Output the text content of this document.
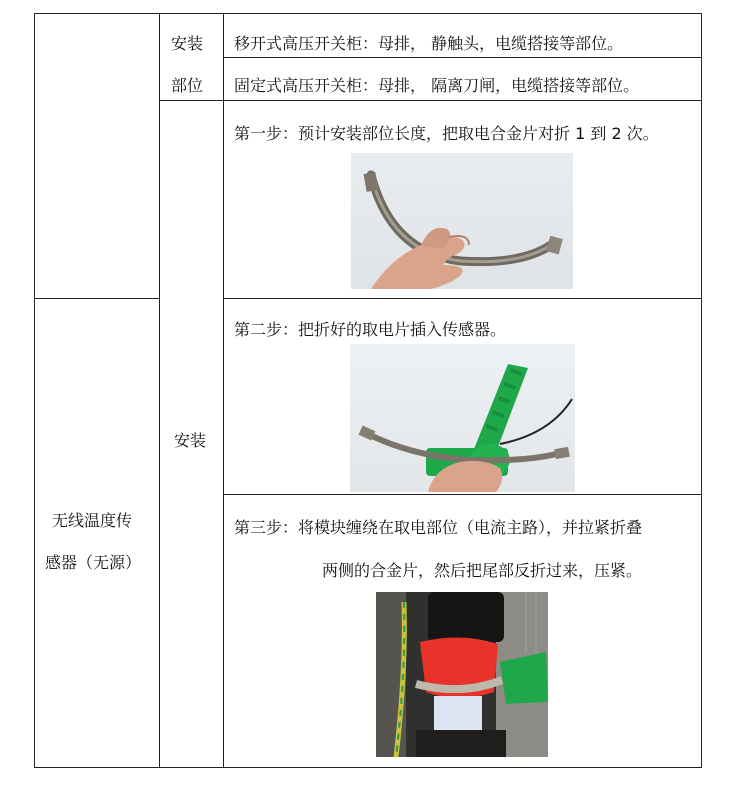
安装
部位
安装
无线温度传
感器（无源）
移开式高压开关柜：母排， 静触头，电缆搭接等部位。
固定式高压开关柜：母排， 隔离刀闸，电缆搭接等部位。
第一步：预计安装部位长度，把取电合金片对折 1 到 2 次。
第二步：把折好的取电片插入传感器。
第三步：将模块缠绕在取电部位（电流主路），并拉紧折叠
两侧的合金片，然后把尾部反折过来，压紧。
